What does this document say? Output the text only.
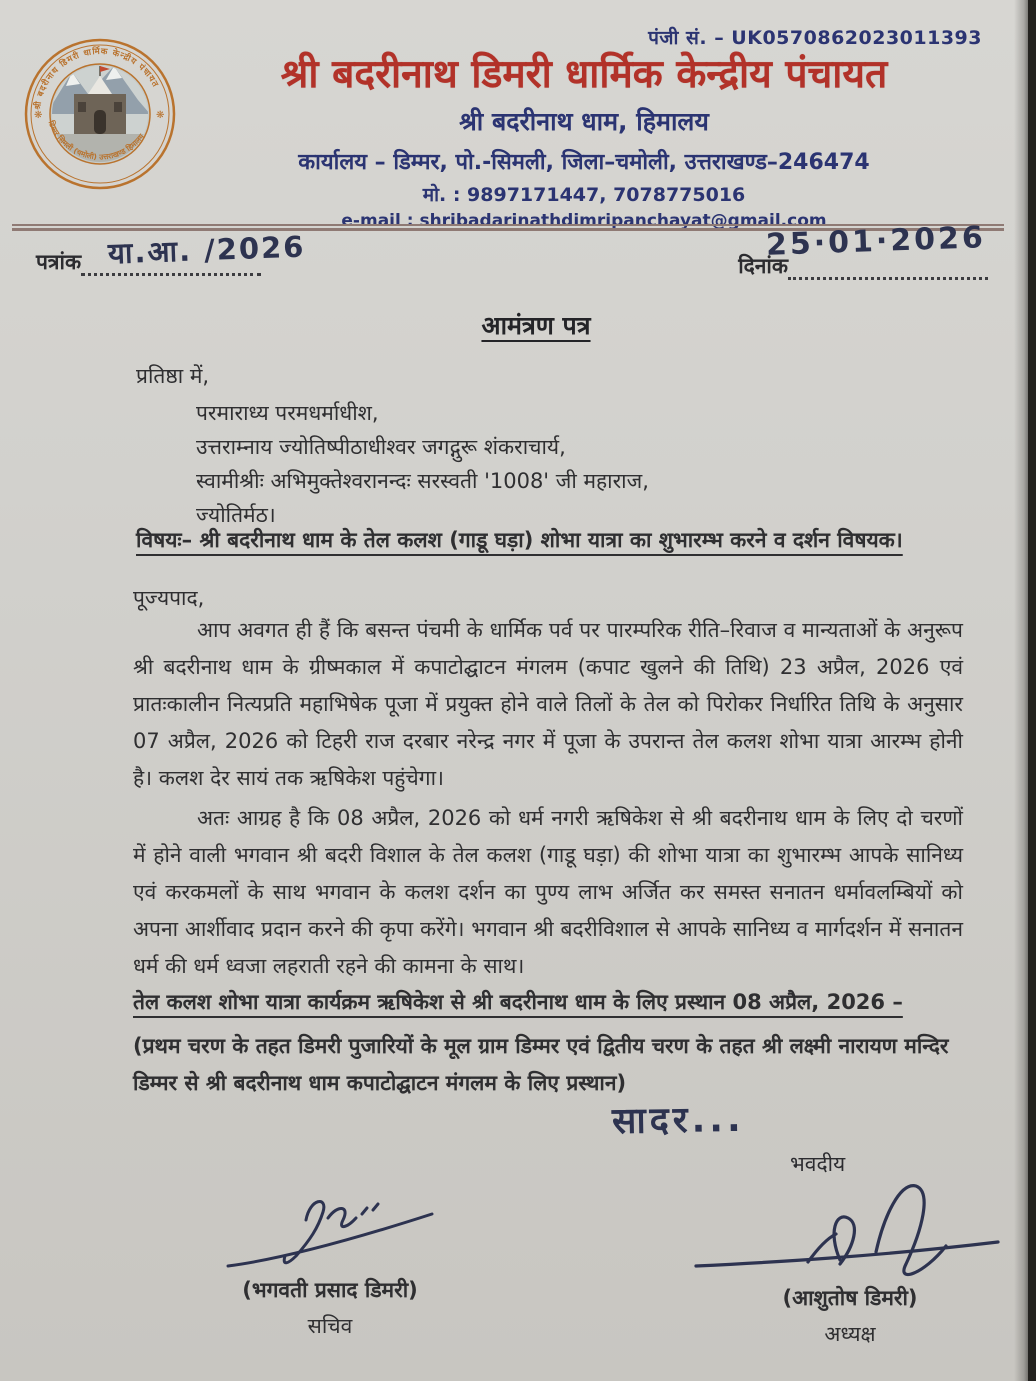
पंजी सं. – UK0570862023011393
श्री बदरीनाथ डिमरी धार्मिक केन्द्रीय पंचायत
डिम्मर सिमली (चमोली) उत्तराखण्ड हिमालय
❋	❋
श्री बदरीनाथ डिमरी धार्मिक केन्द्रीय पंचायत
श्री बदरीनाथ धाम, हिमालय
कार्यालय – डिम्मर, पो.-सिमली, जिला–चमोली, उत्तराखण्ड–246474
मो. : 9897171447, 7078775016
e-mail : shribadarinathdimripanchayat@gmail.com
पत्रांक या.आ. /2026	दिनांक
25·01·2026
आमंत्रण पत्र
प्रतिष्ठा में,
परमाराध्य परमधर्माधीश,
उत्तराम्नाय ज्योतिष्पीठाधीश्वर जगद्गुरू शंकराचार्य,
स्वामीश्रीः अभिमुक्तेश्वरानन्दः सरस्वती '1008' जी महाराज,
ज्योतिर्मठ।
विषयः– श्री बदरीनाथ धाम के तेल कलश (गाडू घड़ा) शोभा यात्रा का शुभारम्भ करने व दर्शन विषयक।
पूज्यपाद,
आप अवगत ही हैं कि बसन्त पंचमी के धार्मिक पर्व पर पारम्परिक रीति–रिवाज व मान्यताओं के अनुरूप श्री बदरीनाथ धाम के ग्रीष्मकाल में कपाटोद्घाटन मंगलम (कपाट खुलने की तिथि) 23 अप्रैल, 2026 एवं प्रातःकालीन नित्यप्रति महाभिषेक पूजा में प्रयुक्त होने वाले तिलों के तेल को पिरोकर निर्धारित तिथि के अनुसार 07 अप्रैल, 2026 को टिहरी राज दरबार नरेन्द्र नगर में पूजा के उपरान्त तेल कलश शोभा यात्रा आरम्भ होनी है। कलश देर सायं तक ऋषिकेश पहुंचेगा।
अतः आग्रह है कि 08 अप्रैल, 2026 को धर्म नगरी ऋषिकेश से श्री बदरीनाथ धाम के लिए दो चरणों में होने वाली भगवान श्री बदरी विशाल के तेल कलश (गाडू घड़ा) की शोभा यात्रा का शुभारम्भ आपके सानिध्य एवं करकमलों के साथ भगवान के कलश दर्शन का पुण्य लाभ अर्जित कर समस्त सनातन धर्मावलम्बियों को अपना आर्शीवाद प्रदान करने की कृपा करेंगे। भगवान श्री बदरीविशाल से आपके सानिध्य व मार्गदर्शन में सनातन धर्म की धर्म ध्वजा लहराती रहने की कामना के साथ।
तेल कलश शोभा यात्रा कार्यक्रम ऋषिकेश से श्री बदरीनाथ धाम के लिए प्रस्थान 08 अप्रैल, 2026 –
(प्रथम चरण के तहत डिमरी पुजारियों के मूल ग्राम डिम्मर एवं द्वितीय चरण के तहत श्री लक्ष्मी नारायण मन्दिर डिम्मर से श्री बदरीनाथ धाम कपाटोद्घाटन मंगलम के लिए प्रस्थान)
सादर...
(भगवती प्रसाद डिमरी)
सचिव
भवदीय
(आशुतोष डिमरी)
अध्यक्ष
